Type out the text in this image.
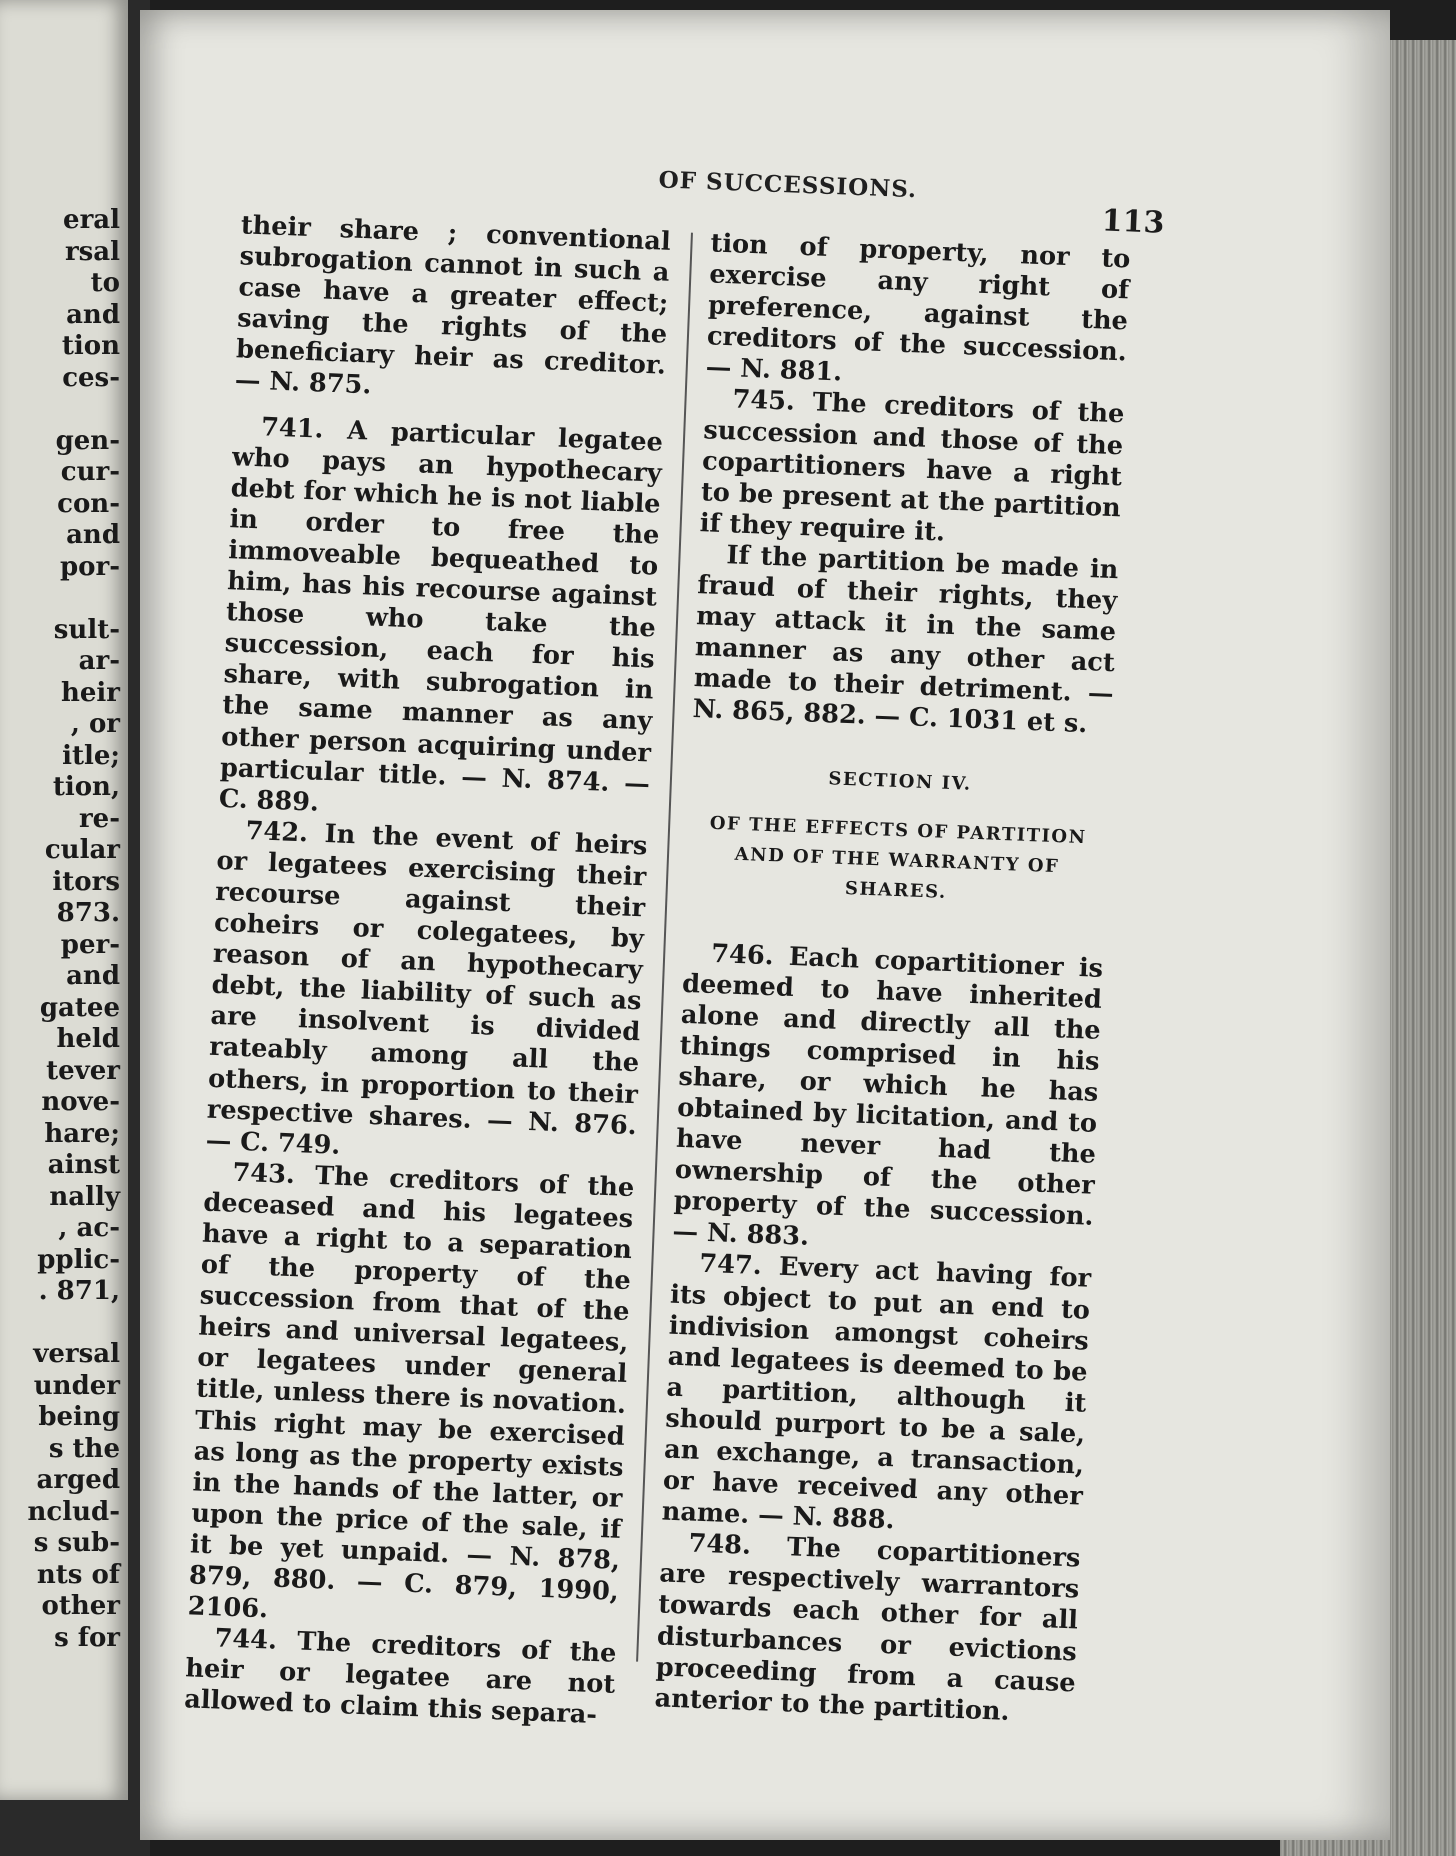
eral
rsal
to
and
tion
ces-
gen-
cur-
con-
and
por-
sult-
ar-
heir
, or
itle;
tion,
re-
cular
itors
873.
per-
and
gatee
held
tever
nove-
hare;
ainst
nally
, ac-
pplic-
. 871,
versal
under
being
s the
arged
nclud-
s sub-
nts of
other
s for
OF SUCCESSIONS.
113

their share ; conventional subrogation cannot in such a case have a greater effect; saving the rights of the beneficiary heir as creditor. — N. 875.

741. A particular legatee who pays an hypothecary debt for which he is not liable in order to free the immoveable bequeathed to him, has his recourse against those who take the succession, each for his share, with subrogation in the same manner as any other person acquiring under particular title. — N. 874. — C. 889.

742. In the event of heirs or legatees exercising their recourse against their coheirs or colegatees, by reason of an hypothecary debt, the liability of such as are insolvent is divided rateably among all the others, in proportion to their respective shares. — N. 876. — C. 749.

743. The creditors of the deceased and his legatees have a right to a separation of the property of the succession from that of the heirs and universal legatees, or legatees under general title, unless there is novation. This right may be exercised as long as the property exists in the hands of the latter, or upon the price of the sale, if it be yet unpaid. — N. 878, 879, 880. — C. 879, 1990, 2106.

744. The creditors of the heir or legatee are not allowed to claim this separa-

tion of property, nor to exercise any right of preference, against the creditors of the succession. — N. 881.

745. The creditors of the succession and those of the copartitioners have a right to be present at the partition if they require it.

If the partition be made in fraud of their rights, they may attack it in the same manner as any other act made to their detriment. — N. 865, 882. — C. 1031 et s.

SECTION IV.
OF THE EFFECTS OF PARTITION AND OF THE WARRANTY OF SHARES.

746. Each copartitioner is deemed to have inherited alone and directly all the things comprised in his share, or which he has obtained by licitation, and to have never had the ownership of the other property of the succession. — N. 883.

747. Every act having for its object to put an end to indivision amongst coheirs and legatees is deemed to be a partition, although it should purport to be a sale, an exchange, a transaction, or have received any other name. — N. 888.

748. The copartitioners are respectively warrantors towards each other for all disturbances or evictions proceeding from a cause anterior to the partition.
